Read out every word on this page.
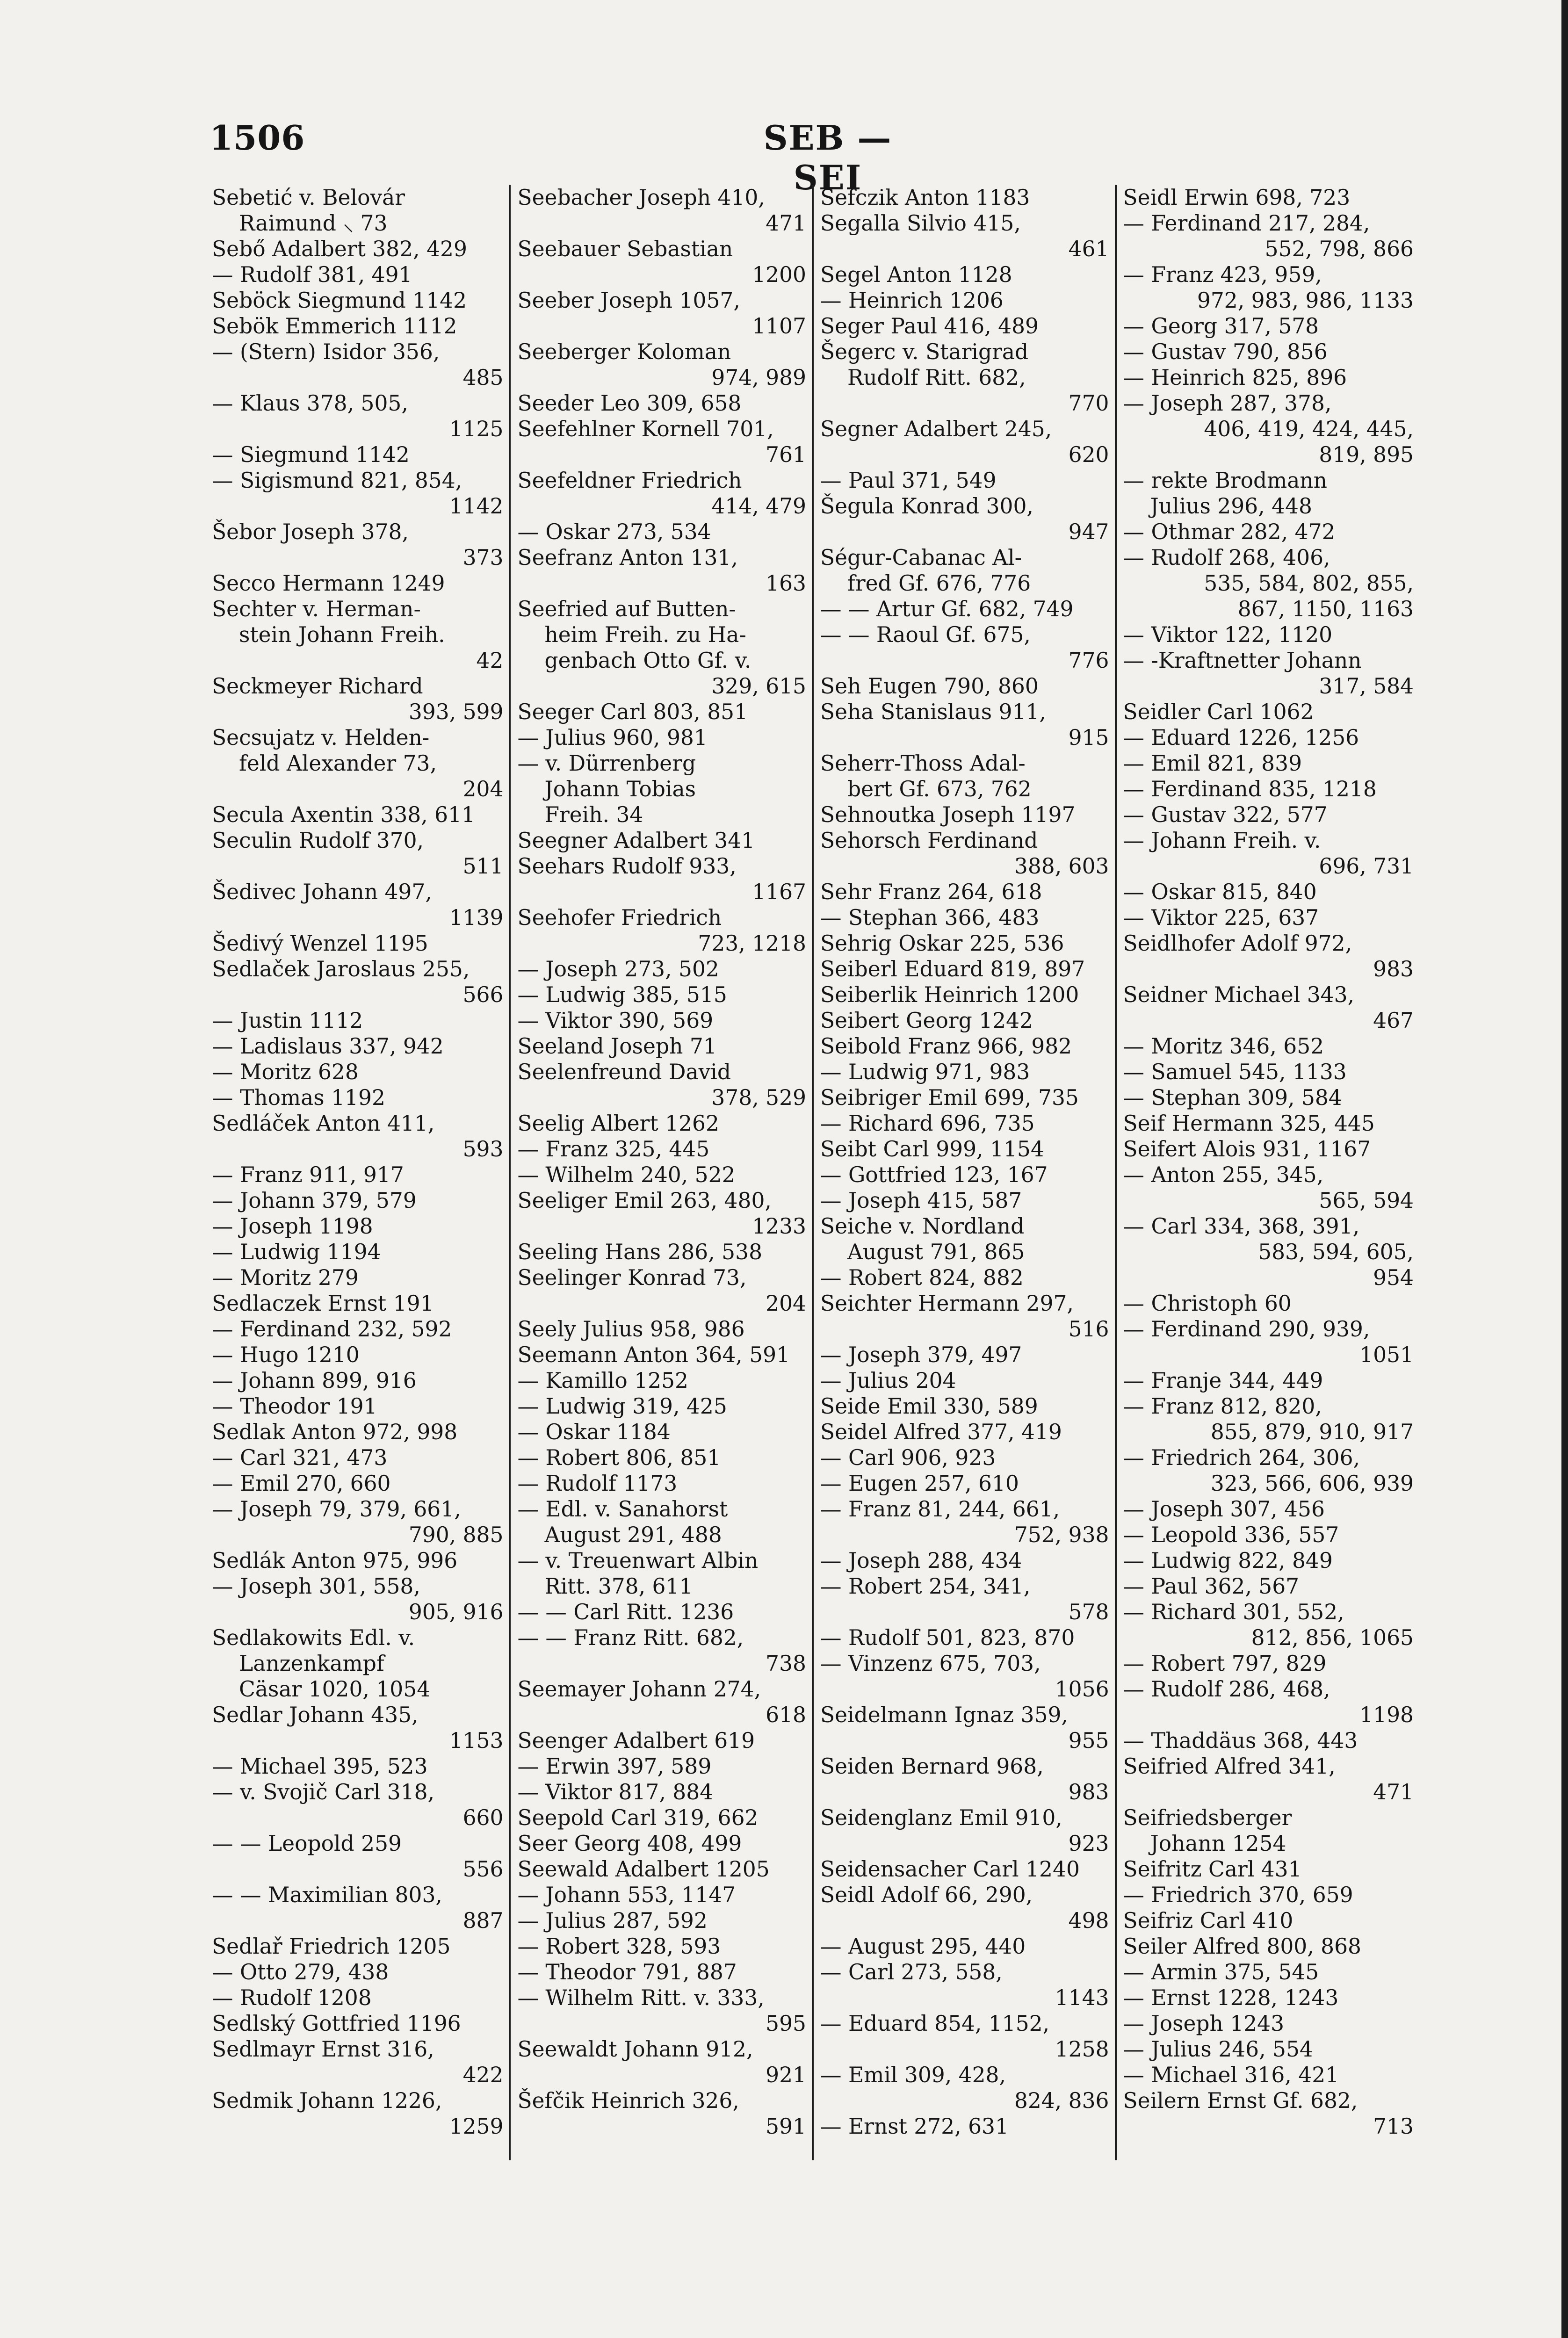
1506	SEB — SEI
Sebetić v. Belovár
Raimund ⸜ 73
Sebő Adalbert 382, 429
— Rudolf 381, 491
Seböck Siegmund 1142
Sebök Emmerich 1112
— (Stern) Isidor 356,
485
— Klaus 378, 505,
1125
— Siegmund 1142
— Sigismund 821, 854,
1142
Šebor Joseph 378,
373
Secco Hermann 1249
Sechter v. Herman-
stein Johann Freih.
42
Seckmeyer Richard
393, 599
Secsujatz v. Helden-
feld Alexander 73,
204
Secula Axentin 338, 611
Seculin Rudolf 370,
511
Šedivec Johann 497,
1139
Šedivý Wenzel 1195
Sedlaček Jaroslaus 255,
566
— Justin 1112
— Ladislaus 337, 942
— Moritz 628
— Thomas 1192
Sedláček Anton 411,
593
— Franz 911, 917
— Johann 379, 579
— Joseph 1198
— Ludwig 1194
— Moritz 279
Sedlaczek Ernst 191
— Ferdinand 232, 592
— Hugo 1210
— Johann 899, 916
— Theodor 191
Sedlak Anton 972, 998
— Carl 321, 473
— Emil 270, 660
— Joseph 79, 379, 661,
790, 885
Sedlák Anton 975, 996
— Joseph 301, 558,
905, 916
Sedlakowits Edl. v.
Lanzenkampf
Cäsar 1020, 1054
Sedlar Johann 435,
1153
— Michael 395, 523
— v. Svojič Carl 318,
660
— — Leopold 259
556
— — Maximilian 803,
887
Sedlař Friedrich 1205
— Otto 279, 438
— Rudolf 1208
Sedlský Gottfried 1196
Sedlmayr Ernst 316,
422
Sedmik Johann 1226,
1259
Seebacher Joseph 410,
471
Seebauer Sebastian
1200
Seeber Joseph 1057,
1107
Seeberger Koloman
974, 989
Seeder Leo 309, 658
Seefehlner Kornell 701,
761
Seefeldner Friedrich
414, 479
— Oskar 273, 534
Seefranz Anton 131,
163
Seefried auf Butten-
heim Freih. zu Ha-
genbach Otto Gf. v.
329, 615
Seeger Carl 803, 851
— Julius 960, 981
— v. Dürrenberg
Johann Tobias
Freih. 34
Seegner Adalbert 341
Seehars Rudolf 933,
1167
Seehofer Friedrich
723, 1218
— Joseph 273, 502
— Ludwig 385, 515
— Viktor 390, 569
Seeland Joseph 71
Seelenfreund David
378, 529
Seelig Albert 1262
— Franz 325, 445
— Wilhelm 240, 522
Seeliger Emil 263, 480,
1233
Seeling Hans 286, 538
Seelinger Konrad 73,
204
Seely Julius 958, 986
Seemann Anton 364, 591
— Kamillo 1252
— Ludwig 319, 425
— Oskar 1184
— Robert 806, 851
— Rudolf 1173
— Edl. v. Sanahorst
August 291, 488
— v. Treuenwart Albin
Ritt. 378, 611
— — Carl Ritt. 1236
— — Franz Ritt. 682,
738
Seemayer Johann 274,
618
Seenger Adalbert 619
— Erwin 397, 589
— Viktor 817, 884
Seepold Carl 319, 662
Seer Georg 408, 499
Seewald Adalbert 1205
— Johann 553, 1147
— Julius 287, 592
— Robert 328, 593
— Theodor 791, 887
— Wilhelm Ritt. v. 333,
595
Seewaldt Johann 912,
921
Šefčik Heinrich 326,
591
Sefczik Anton 1183
Segalla Silvio 415,
461
Segel Anton 1128
— Heinrich 1206
Seger Paul 416, 489
Šegerc v. Starigrad
Rudolf Ritt. 682,
770
Segner Adalbert 245,
620
— Paul 371, 549
Šegula Konrad 300,
947
Ségur-Cabanac Al-
fred Gf. 676, 776
— — Artur Gf. 682, 749
— — Raoul Gf. 675,
776
Seh Eugen 790, 860
Seha Stanislaus 911,
915
Seherr-Thoss Adal-
bert Gf. 673, 762
Sehnoutka Joseph 1197
Sehorsch Ferdinand
388, 603
Sehr Franz 264, 618
— Stephan 366, 483
Sehrig Oskar 225, 536
Seiberl Eduard 819, 897
Seiberlik Heinrich 1200
Seibert Georg 1242
Seibold Franz 966, 982
— Ludwig 971, 983
Seibriger Emil 699, 735
— Richard 696, 735
Seibt Carl 999, 1154
— Gottfried 123, 167
— Joseph 415, 587
Seiche v. Nordland
August 791, 865
— Robert 824, 882
Seichter Hermann 297,
516
— Joseph 379, 497
— Julius 204
Seide Emil 330, 589
Seidel Alfred 377, 419
— Carl 906, 923
— Eugen 257, 610
— Franz 81, 244, 661,
752, 938
— Joseph 288, 434
— Robert 254, 341,
578
— Rudolf 501, 823, 870
— Vinzenz 675, 703,
1056
Seidelmann Ignaz 359,
955
Seiden Bernard 968,
983
Seidenglanz Emil 910,
923
Seidensacher Carl 1240
Seidl Adolf 66, 290,
498
— August 295, 440
— Carl 273, 558,
1143
— Eduard 854, 1152,
1258
— Emil 309, 428,
824, 836
— Ernst 272, 631
Seidl Erwin 698, 723
— Ferdinand 217, 284,
552, 798, 866
— Franz 423, 959,
972, 983, 986, 1133
— Georg 317, 578
— Gustav 790, 856
— Heinrich 825, 896
— Joseph 287, 378,
406, 419, 424, 445,
819, 895
— rekte Brodmann
Julius 296, 448
— Othmar 282, 472
— Rudolf 268, 406,
535, 584, 802, 855,
867, 1150, 1163
— Viktor 122, 1120
— -Kraftnetter Johann
317, 584
Seidler Carl 1062
— Eduard 1226, 1256
— Emil 821, 839
— Ferdinand 835, 1218
— Gustav 322, 577
— Johann Freih. v.
696, 731
— Oskar 815, 840
— Viktor 225, 637
Seidlhofer Adolf 972,
983
Seidner Michael 343,
467
— Moritz 346, 652
— Samuel 545, 1133
— Stephan 309, 584
Seif Hermann 325, 445
Seifert Alois 931, 1167
— Anton 255, 345,
565, 594
— Carl 334, 368, 391,
583, 594, 605,
954
— Christoph 60
— Ferdinand 290, 939,
1051
— Franje 344, 449
— Franz 812, 820,
855, 879, 910, 917
— Friedrich 264, 306,
323, 566, 606, 939
— Joseph 307, 456
— Leopold 336, 557
— Ludwig 822, 849
— Paul 362, 567
— Richard 301, 552,
812, 856, 1065
— Robert 797, 829
— Rudolf 286, 468,
1198
— Thaddäus 368, 443
Seifried Alfred 341,
471
Seifriedsberger
Johann 1254
Seifritz Carl 431
— Friedrich 370, 659
Seifriz Carl 410
Seiler Alfred 800, 868
— Armin 375, 545
— Ernst 1228, 1243
— Joseph 1243
— Julius 246, 554
— Michael 316, 421
Seilern Ernst Gf. 682,
713
